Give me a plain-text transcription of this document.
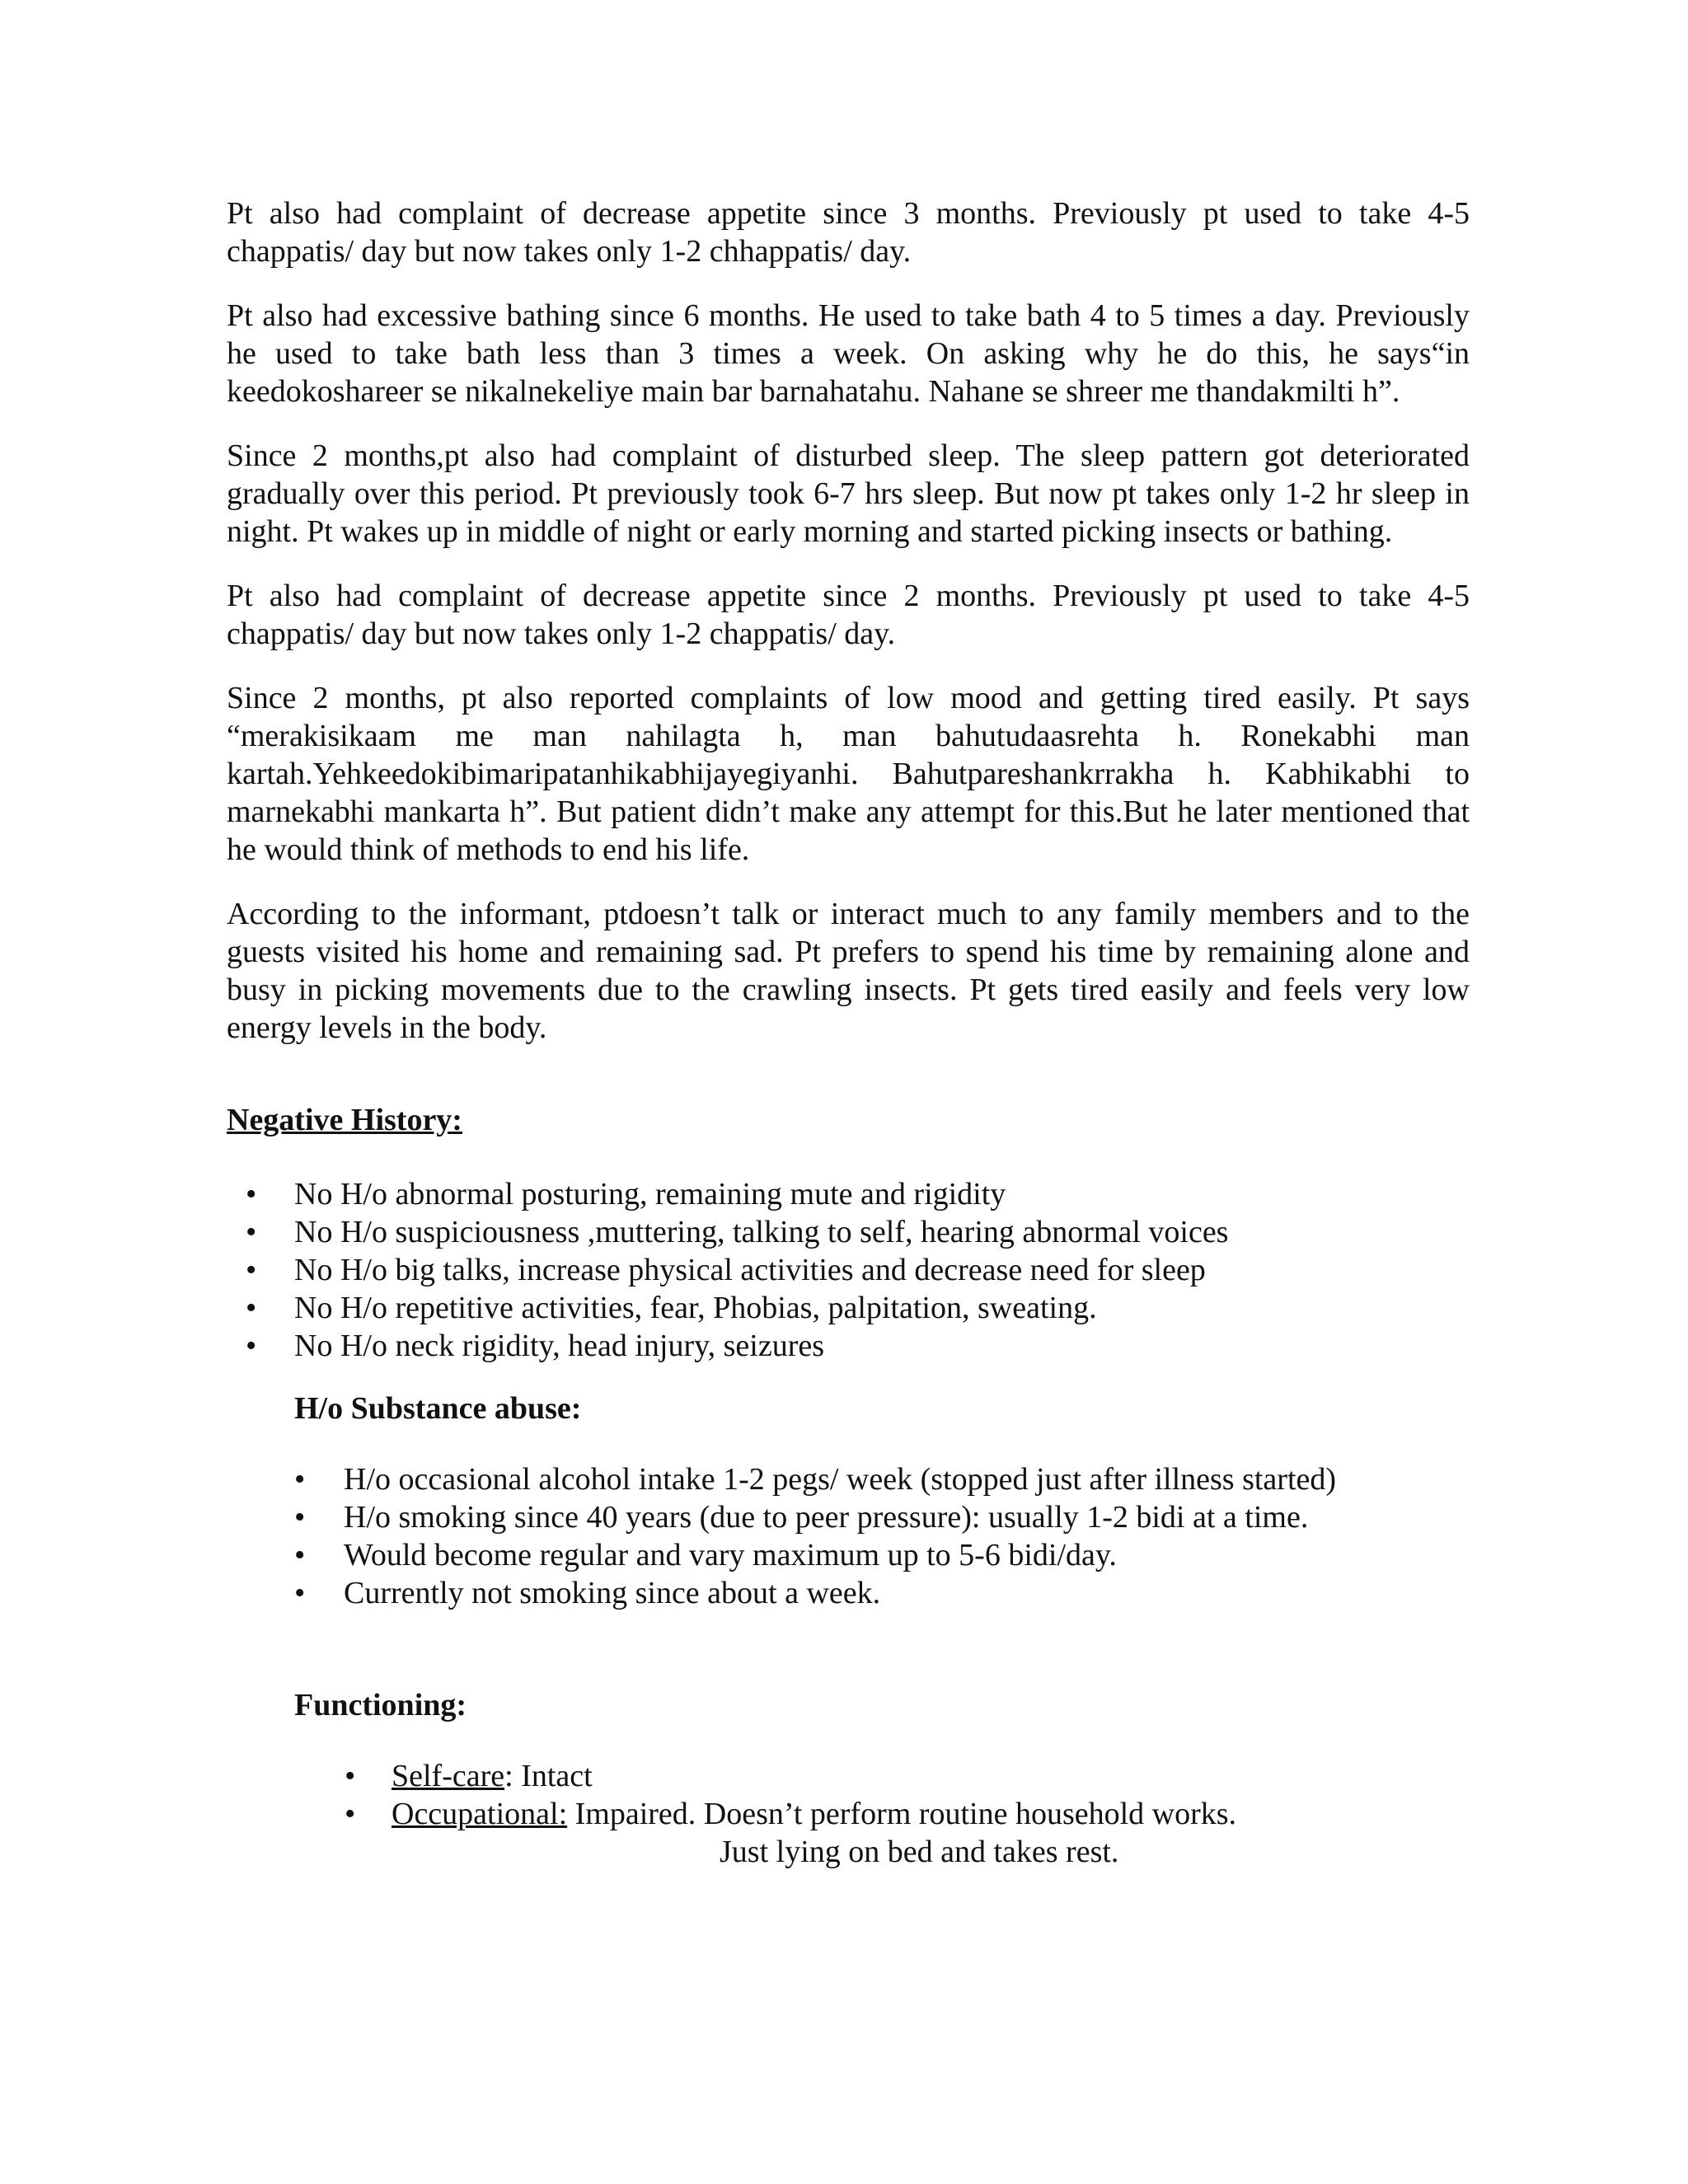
Pt also had complaint of decrease appetite since 3 months. Previously pt used to take 4-5 chappatis/ day but now takes only 1-2 chhappatis/ day.

Pt also had excessive bathing since 6 months. He used to take bath 4 to 5 times a day. Previously he used to take bath less than 3 times a week. On asking why he do this, he says“in keedokoshareer se nikalnekeliye main bar barnahatahu. Nahane se shreer me thandakmilti h”.

Since 2 months,pt also had complaint of disturbed sleep. The sleep pattern got deteriorated gradually over this period. Pt previously took 6-7 hrs sleep. But now pt takes only 1-2 hr sleep in night. Pt wakes up in middle of night or early morning and started picking insects or bathing.

Pt also had complaint of decrease appetite since 2 months. Previously pt used to take 4-5 chappatis/ day but now takes only 1-2 chappatis/ day.

Since 2 months, pt also reported complaints of low mood and getting tired easily. Pt says “merakisikaam me man nahilagta h, man bahutudaasrehta h. Ronekabhi man kartah.Yehkeedokibimaripatanhikabhijayegiyanhi. Bahutpareshankrrakha h. Kabhikabhi to marnekabhi mankarta h”. But patient didn’t make any attempt for this.But he later mentioned that he would think of methods to end his life.

According to the informant, ptdoesn’t talk or interact much to any family members and to the guests visited his home and remaining sad. Pt prefers to spend his time by remaining alone and busy in picking movements due to the crawling insects. Pt gets tired easily and feels very low energy levels in the body.

Negative History:
• No H/o abnormal posturing, remaining mute and rigidity
• No H/o suspiciousness ,muttering, talking to self, hearing abnormal voices
• No H/o big talks, increase physical activities and decrease need for sleep
• No H/o repetitive activities, fear, Phobias, palpitation, sweating.
• No H/o neck rigidity, head injury, seizures
H/o Substance abuse:
• H/o occasional alcohol intake 1-2 pegs/ week (stopped just after illness started)
• H/o smoking since 40 years (due to peer pressure): usually 1-2 bidi at a time.
• Would become regular and vary maximum up to 5-6 bidi/day.
• Currently not smoking since about a week.
Functioning:
• Self-care: Intact
• Occupational: Impaired. Doesn’t perform routine household works.
Just lying on bed and takes rest.
